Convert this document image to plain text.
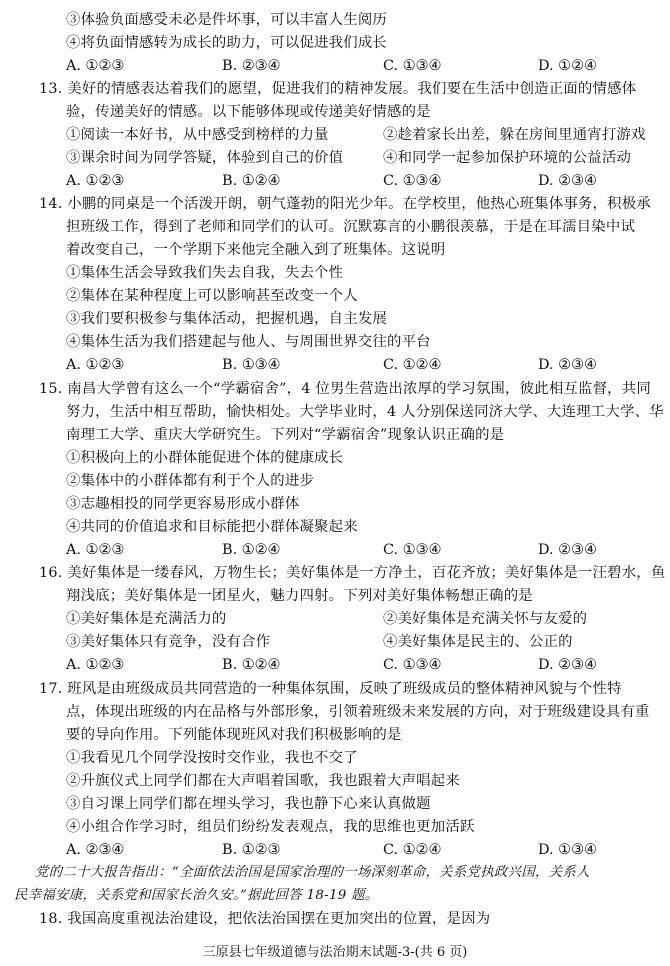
③体验负面感受未必是件坏事，可以丰富人生阅历
④将负面情感转为成长的助力，可以促进我们成长
A. ①②③	B. ②③④	C. ①③④	D. ①②④
13. 美好的情感表达着我们的愿望，促进我们的精神发展。我们要在生活中创造正面的情感体
验，传递美好的情感。以下能够体现或传递美好情感的是
①阅读一本好书，从中感受到榜样的力量	②趁着家长出差，躲在房间里通宵打游戏
③课余时间为同学答疑，体验到自己的价值	④和同学一起参加保护环境的公益活动
A. ①②③	B. ①②④	C. ①③④	D. ②③④
14. 小鹏的同桌是一个活泼开朗，朝气蓬勃的阳光少年。在学校里，他热心班集体事务，积极承
担班级工作，得到了老师和同学们的认可。沉默寡言的小鹏很羡慕，于是在耳濡目染中试
着改变自己，一个学期下来他完全融入到了班集体。这说明
①集体生活会导致我们失去自我，失去个性
②集体在某种程度上可以影响甚至改变一个人
③我们要积极参与集体活动，把握机遇，自主发展
④集体生活为我们搭建起与他人、与周围世界交往的平台
A. ①②③	B. ①③④	C. ①②④	D. ②③④
15. 南昌大学曾有这么一个“学霸宿舍”，4 位男生营造出浓厚的学习氛围，彼此相互监督，共同
努力，生活中相互帮助，愉快相处。大学毕业时，4 人分别保送同济大学、大连理工大学、华
南理工大学、重庆大学研究生。下列对“学霸宿舍”现象认识正确的是
①积极向上的小群体能促进个体的健康成长
②集体中的小群体都有利于个人的进步
③志趣相投的同学更容易形成小群体
④共同的价值追求和目标能把小群体凝聚起来
A. ①②③	B. ①②④	C. ①③④	D. ②③④
16. 美好集体是一缕春风，万物生长；美好集体是一方净土，百花齐放；美好集体是一汪碧水，鱼
翔浅底；美好集体是一团星火，魅力四射。下列对美好集体畅想正确的是
①美好集体是充满活力的	②美好集体是充满关怀与友爱的
③美好集体只有竞争，没有合作	④美好集体是民主的、公正的
A. ①②③	B. ①②④	C. ①③④	D. ②③④
17. 班风是由班级成员共同营造的一种集体氛围，反映了班级成员的整体精神风貌与个性特
点，体现出班级的内在品格与外部形象，引领着班级未来发展的方向，对于班级建设具有重
要的导向作用。下列能体现班风对我们积极影响的是
①我看见几个同学没按时交作业，我也不交了
②升旗仪式上同学们都在大声唱着国歌，我也跟着大声唱起来
③自习课上同学们都在埋头学习，我也静下心来认真做题
④小组合作学习时，组员们纷纷发表观点，我的思维也更加活跃
A. ②③④	B. ①②③	C. ①②④	D. ①③④
党的二十大报告指出：“全面依法治国是国家治理的一场深刻革命，关系党执政兴国，关系人
民幸福安康，关系党和国家长治久安。”据此回答 18-19 题。
18. 我国高度重视法治建设，把依法治国摆在更加突出的位置，是因为
三原县七年级道德与法治期末试题-3-(共 6 页)
